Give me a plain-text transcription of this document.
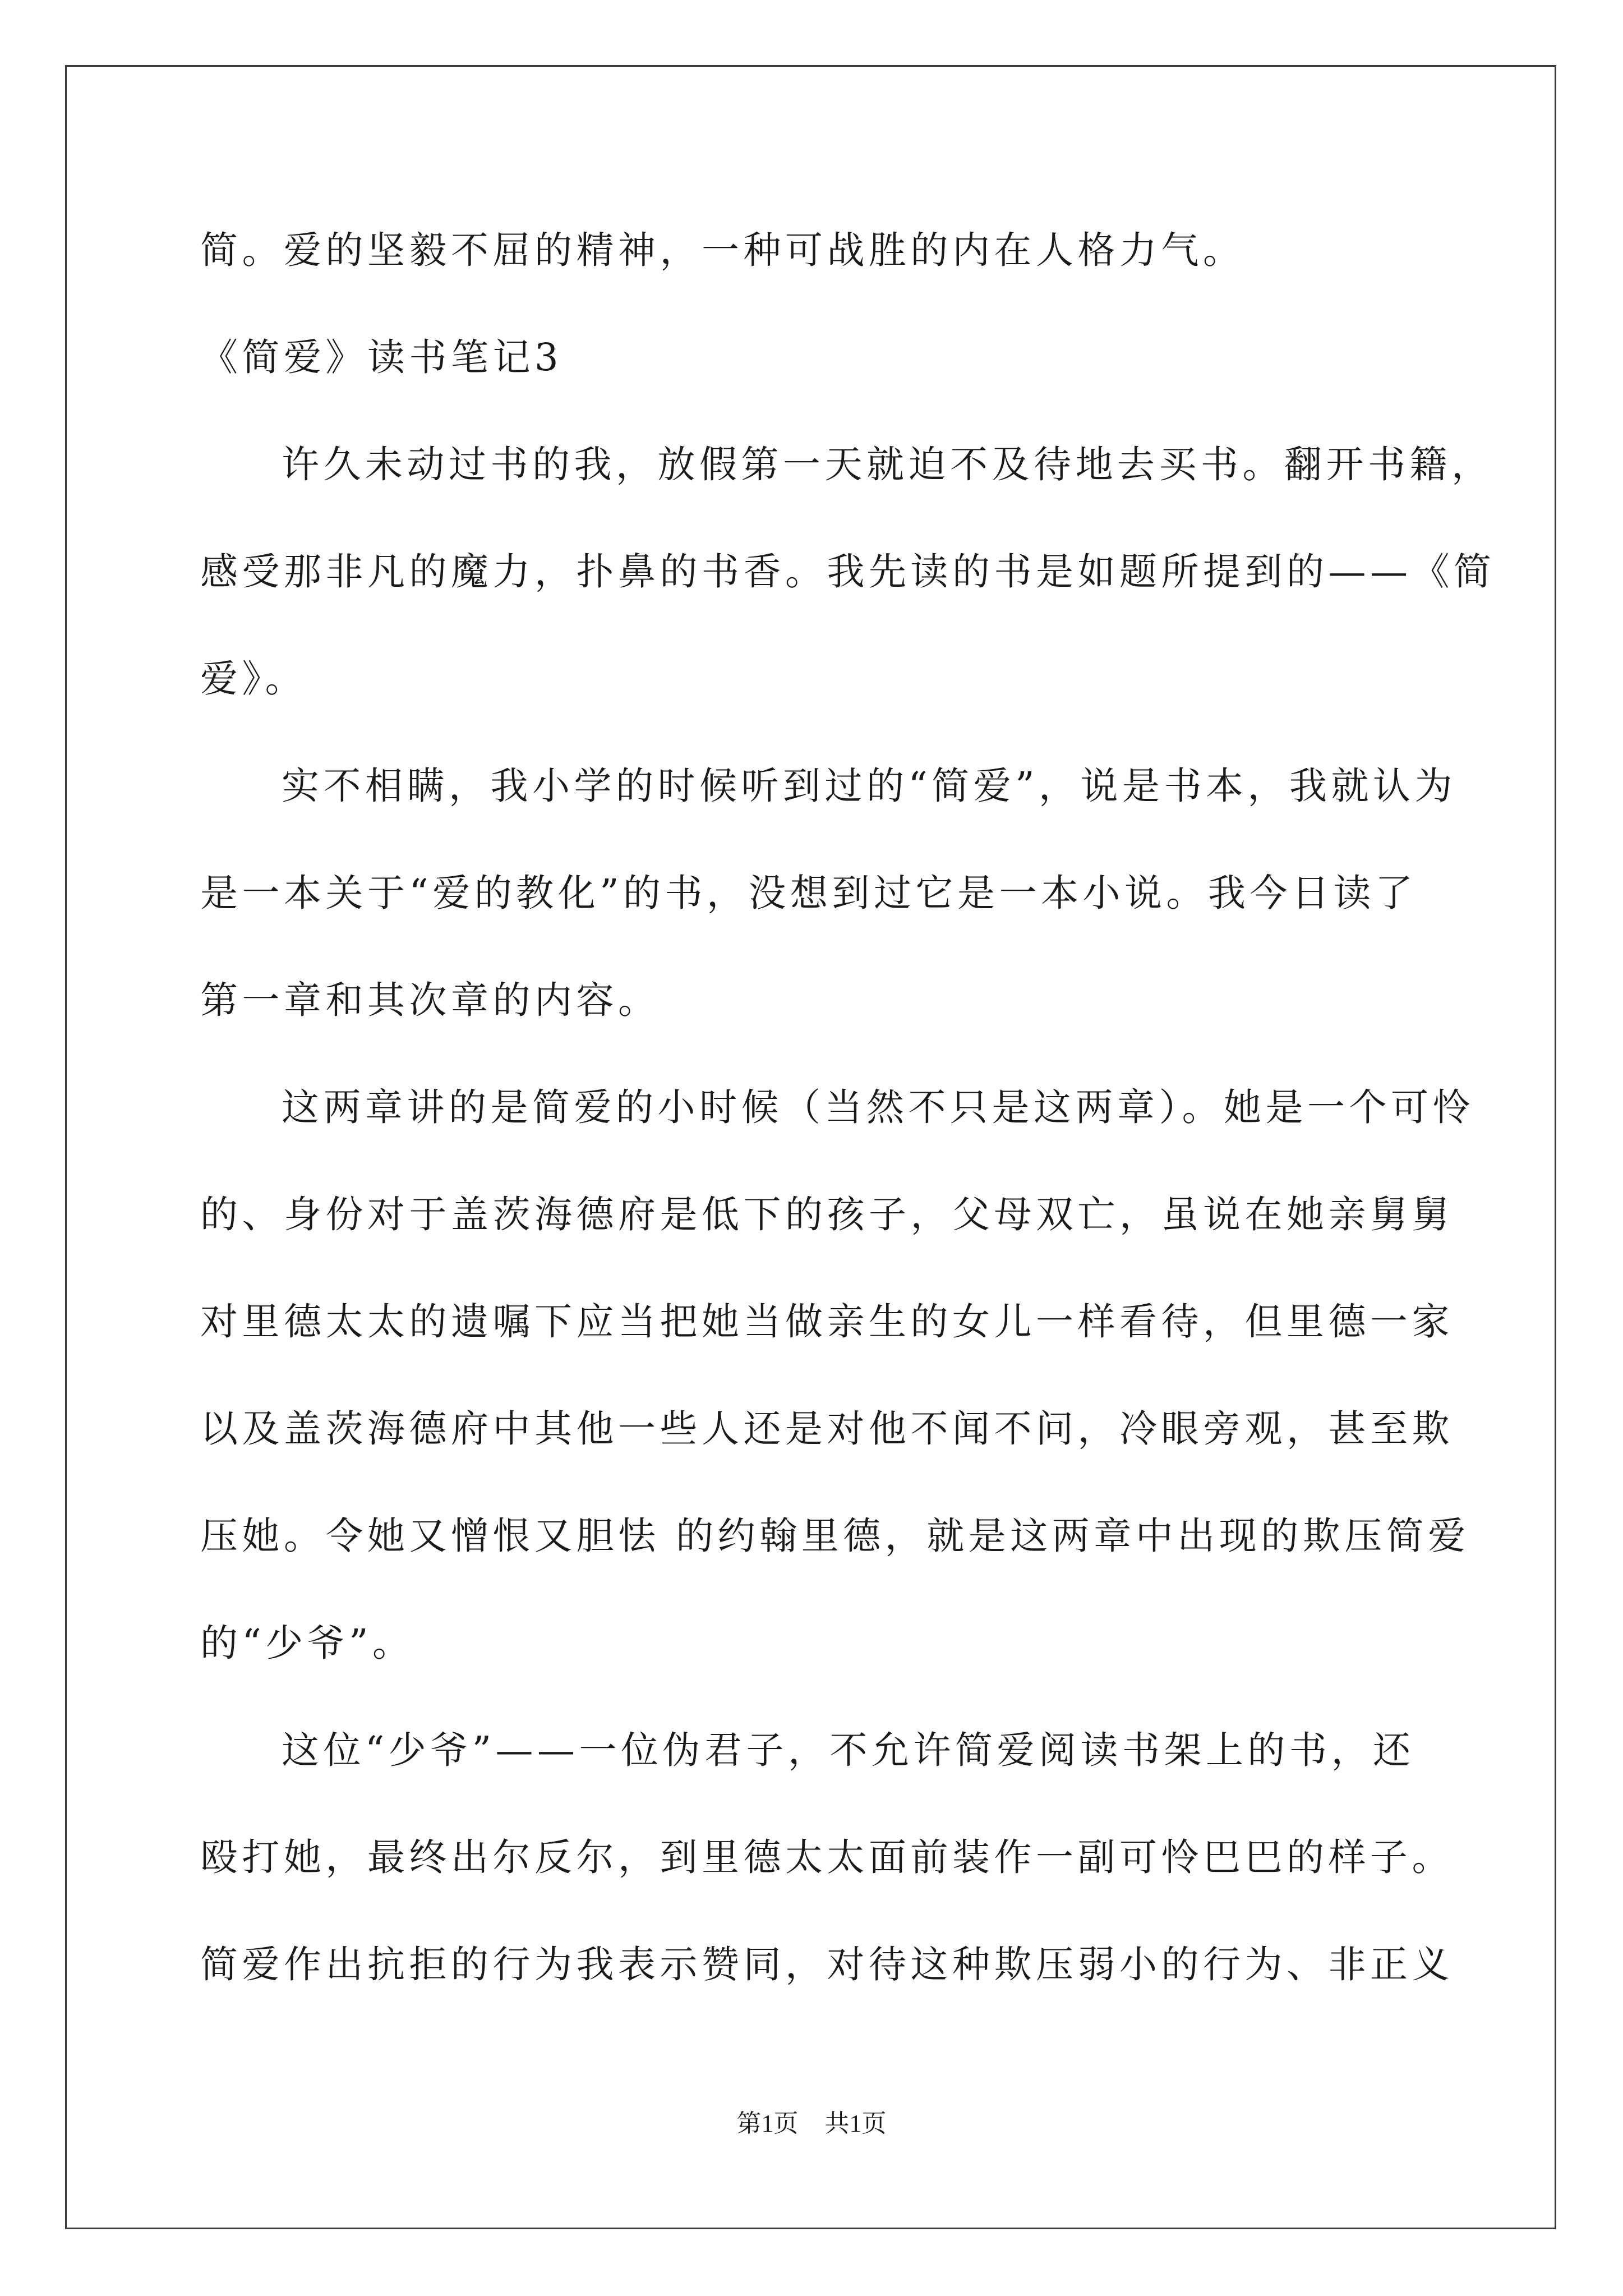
简。爱的坚毅不屈的精神，一种可战胜的内在人格力气。
《简爱》读书笔记3
许久未动过书的我，放假第一天就迫不及待地去买书。翻开书籍，
感受那非凡的魔力，扑鼻的书香。我先读的书是如题所提到的——《简
爱》。
实不相瞒，我小学的时候听到过的“简爱”，说是书本，我就认为
是一本关于“爱的教化”的书，没想到过它是一本小说。我今日读了
第一章和其次章的内容。
这两章讲的是简爱的小时候（当然不只是这两章）。她是一个可怜
的、身份对于盖茨海德府是低下的孩子，父母双亡，虽说在她亲舅舅
对里德太太的遗嘱下应当把她当做亲生的女儿一样看待，但里德一家
以及盖茨海德府中其他一些人还是对他不闻不问，冷眼旁观，甚至欺
压她。令她又憎恨又胆怯 的约翰里德，就是这两章中出现的欺压简爱
的“少爷”。
这位“少爷”——一位伪君子，不允许简爱阅读书架上的书，还
殴打她，最终出尔反尔，到里德太太面前装作一副可怜巴巴的样子。
简爱作出抗拒的行为我表示赞同，对待这种欺压弱小的行为、非正义
第1页 共1页
